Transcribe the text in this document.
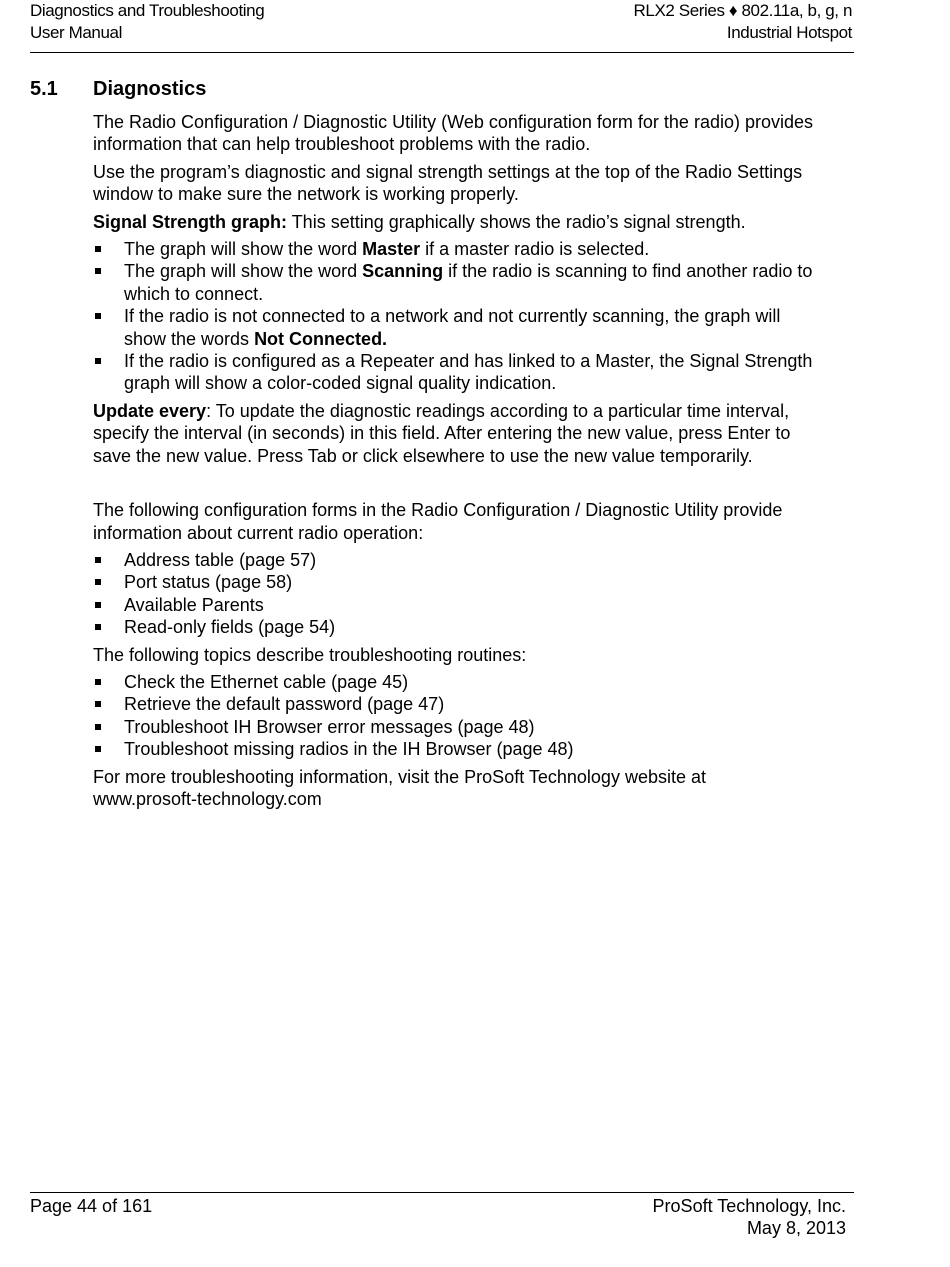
Diagnostics and Troubleshooting
User Manual
RLX2 Series ♦ 802.11a, b, g, n
Industrial Hotspot
5.1 Diagnostics

The Radio Configuration / Diagnostic Utility (Web configuration form for the radio) provides information that can help troubleshoot problems with the radio.

Use the program’s diagnostic and signal strength settings at the top of the Radio Settings window to make sure the network is working properly.

Signal Strength graph: This setting graphically shows the radio’s signal strength.

The graph will show the word Master if a master radio is selected.
The graph will show the word Scanning if the radio is scanning to find another radio to which to connect.
If the radio is not connected to a network and not currently scanning, the graph will show the words Not Connected.
If the radio is configured as a Repeater and has linked to a Master, the Signal Strength graph will show a color-coded signal quality indication.

Update every: To update the diagnostic readings according to a particular time interval, specify the interval (in seconds) in this field. After entering the new value, press Enter to save the new value. Press Tab or click elsewhere to use the new value temporarily.

The following configuration forms in the Radio Configuration / Diagnostic Utility provide information about current radio operation:

Address table (page 57)
Port status (page 58)
Available Parents
Read-only fields (page 54)

The following topics describe troubleshooting routines:

Check the Ethernet cable (page 45)
Retrieve the default password (page 47)
Troubleshoot IH Browser error messages (page 48)
Troubleshoot missing radios in the IH Browser (page 48)

For more troubleshooting information, visit the ProSoft Technology website at www.prosoft-technology.com

Page 44 of 161	ProSoft Technology, Inc.
May 8, 2013
